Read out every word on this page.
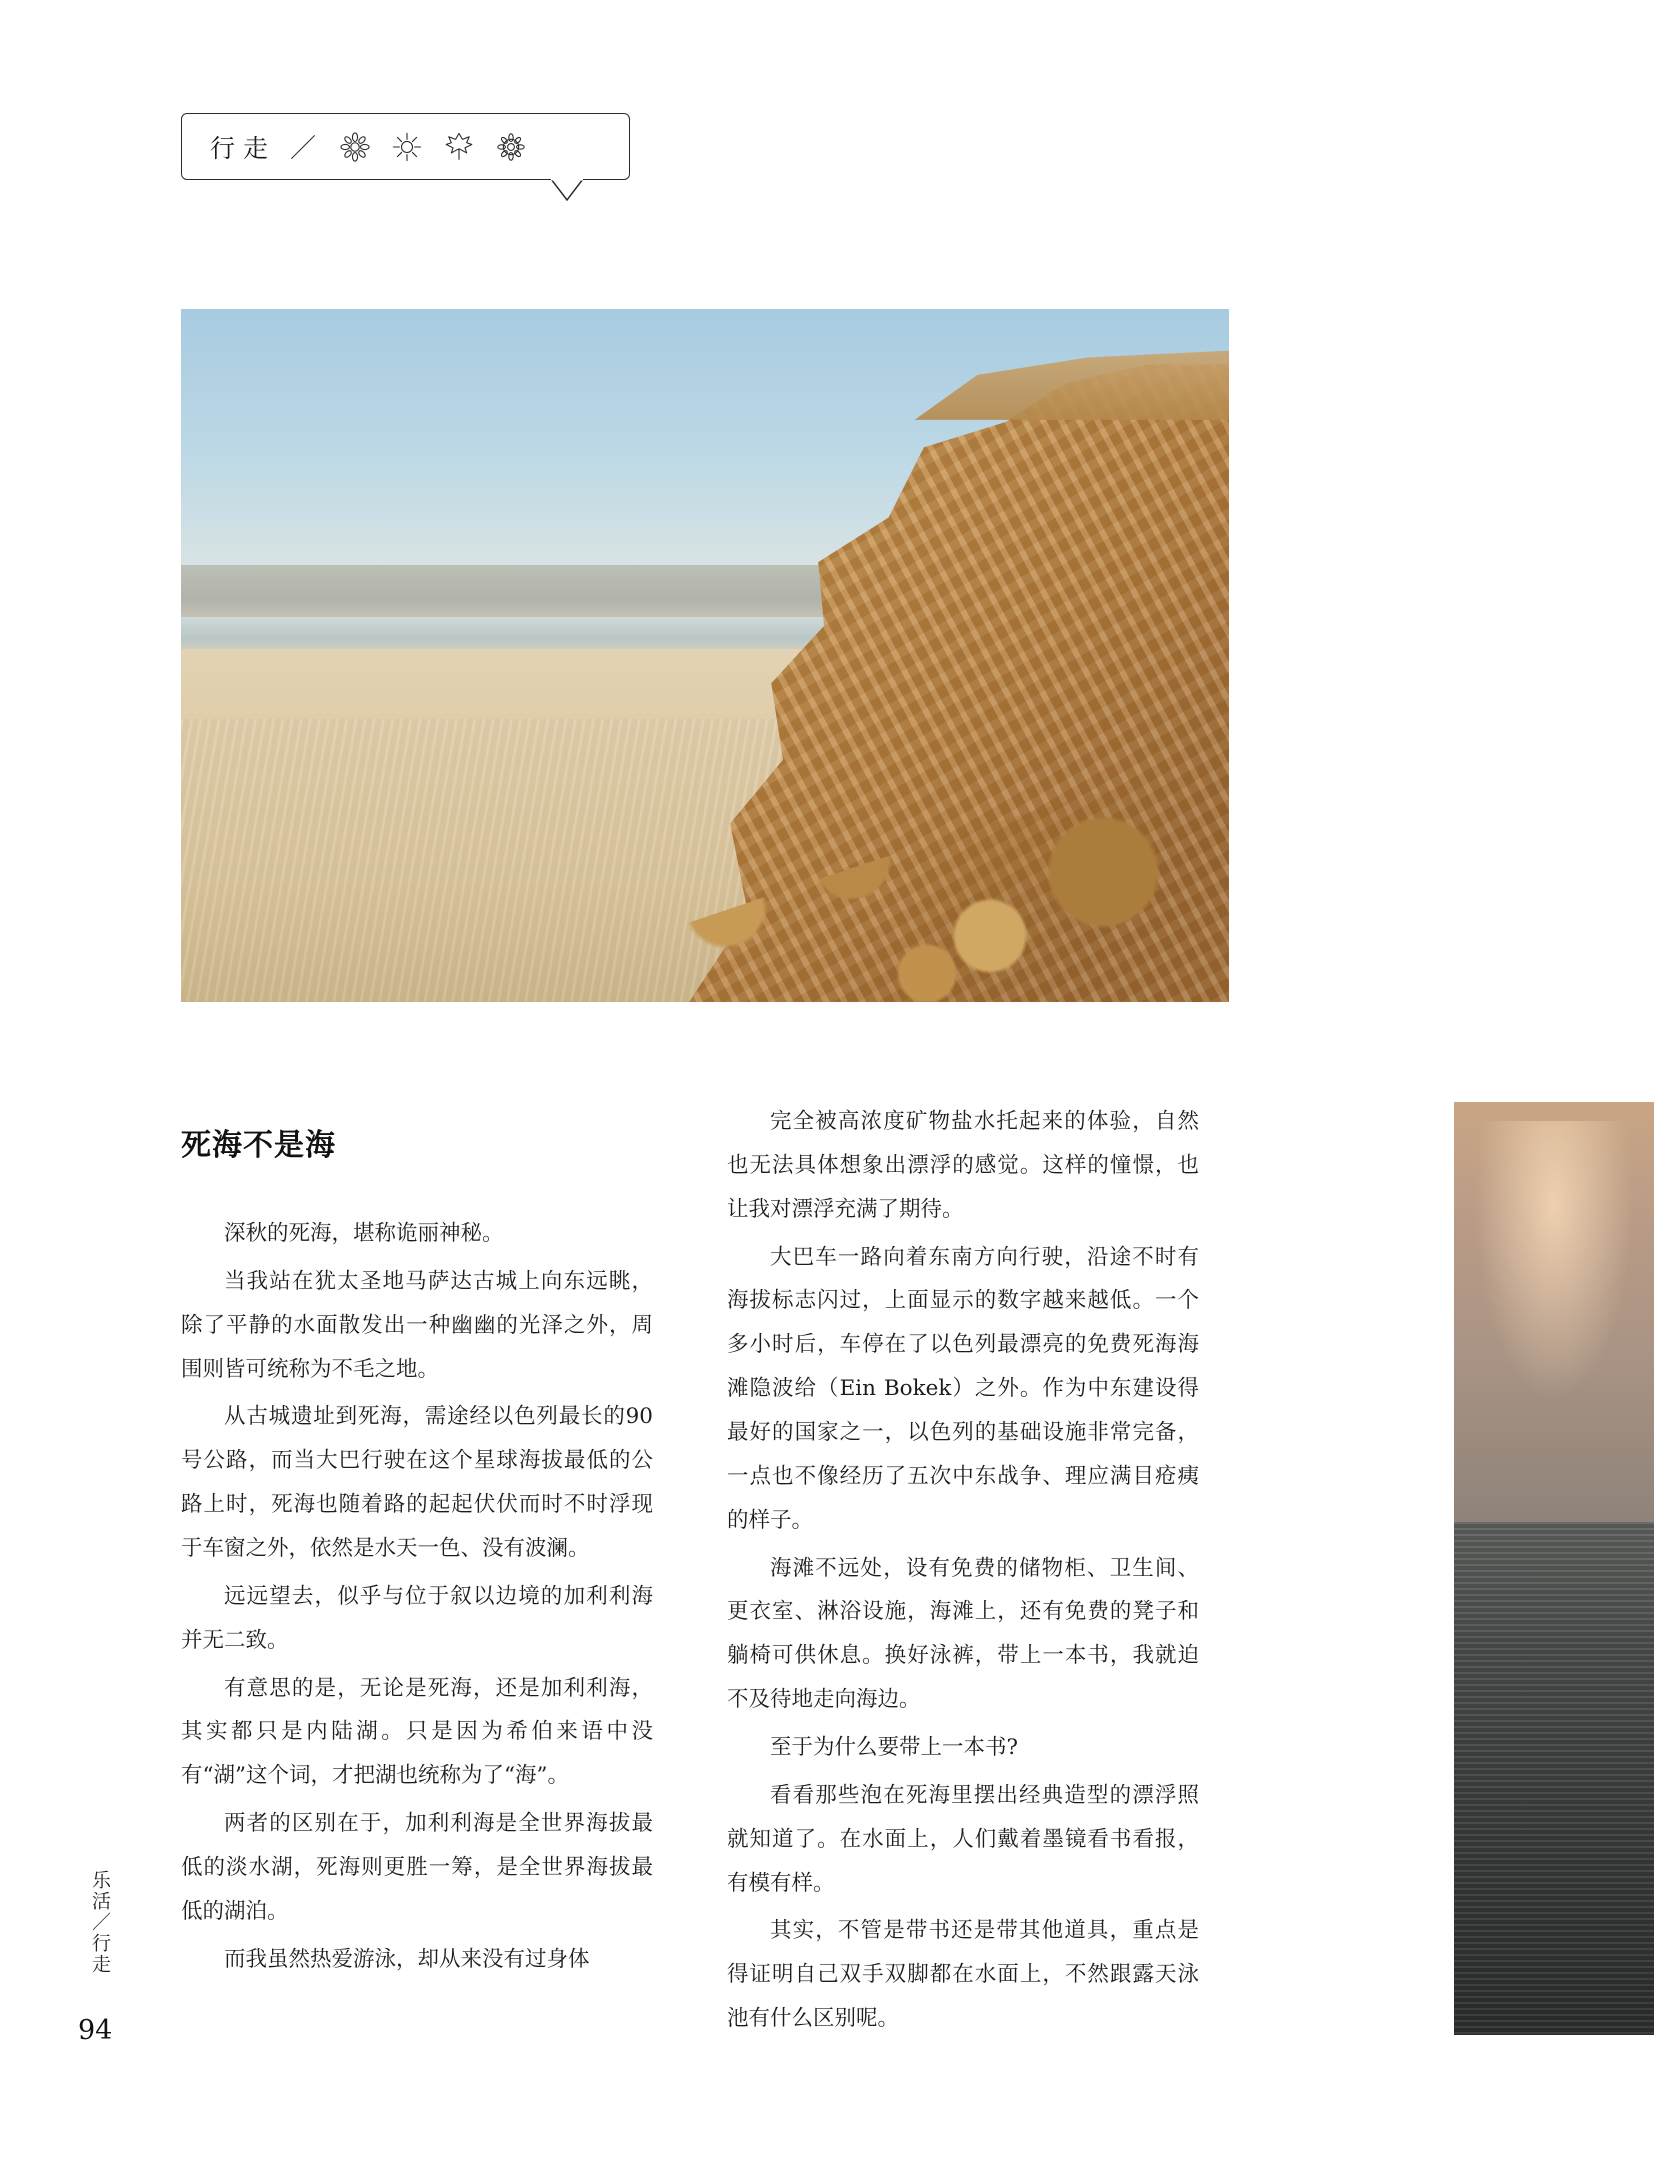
行走 ／
死海不是海

深秋的死海，堪称诡丽神秘。

当我站在犹太圣地马萨达古城上向东远眺，除了平静的水面散发出一种幽幽的光泽之外，周围则皆可统称为不毛之地。

从古城遗址到死海，需途经以色列最长的90号公路，而当大巴行驶在这个星球海拔最低的公路上时，死海也随着路的起起伏伏而时不时浮现于车窗之外，依然是水天一色、没有波澜。

远远望去，似乎与位于叙以边境的加利利海并无二致。

有意思的是，无论是死海，还是加利利海，其实都只是内陆湖。只是因为希伯来语中没有“湖”这个词，才把湖也统称为了“海”。

两者的区别在于，加利利海是全世界海拔最低的淡水湖，死海则更胜一筹，是全世界海拔最低的湖泊。

而我虽然热爱游泳，却从来没有过身体

完全被高浓度矿物盐水托起来的体验，自然也无法具体想象出漂浮的感觉。这样的憧憬，也让我对漂浮充满了期待。

大巴车一路向着东南方向行驶，沿途不时有海拔标志闪过，上面显示的数字越来越低。一个多小时后，车停在了以色列最漂亮的免费死海海滩隐波给（Ein Bokek）之外。作为中东建设得最好的国家之一，以色列的基础设施非常完备，一点也不像经历了五次中东战争、理应满目疮痍的样子。

海滩不远处，设有免费的储物柜、卫生间、更衣室、淋浴设施，海滩上，还有免费的凳子和躺椅可供休息。换好泳裤，带上一本书，我就迫不及待地走向海边。

至于为什么要带上一本书?

看看那些泡在死海里摆出经典造型的漂浮照就知道了。在水面上，人们戴着墨镜看书看报，有模有样。

其实，不管是带书还是带其他道具，重点是得证明自己双手双脚都在水面上，不然跟露天泳池有什么区别呢。

乐活／行走
94
